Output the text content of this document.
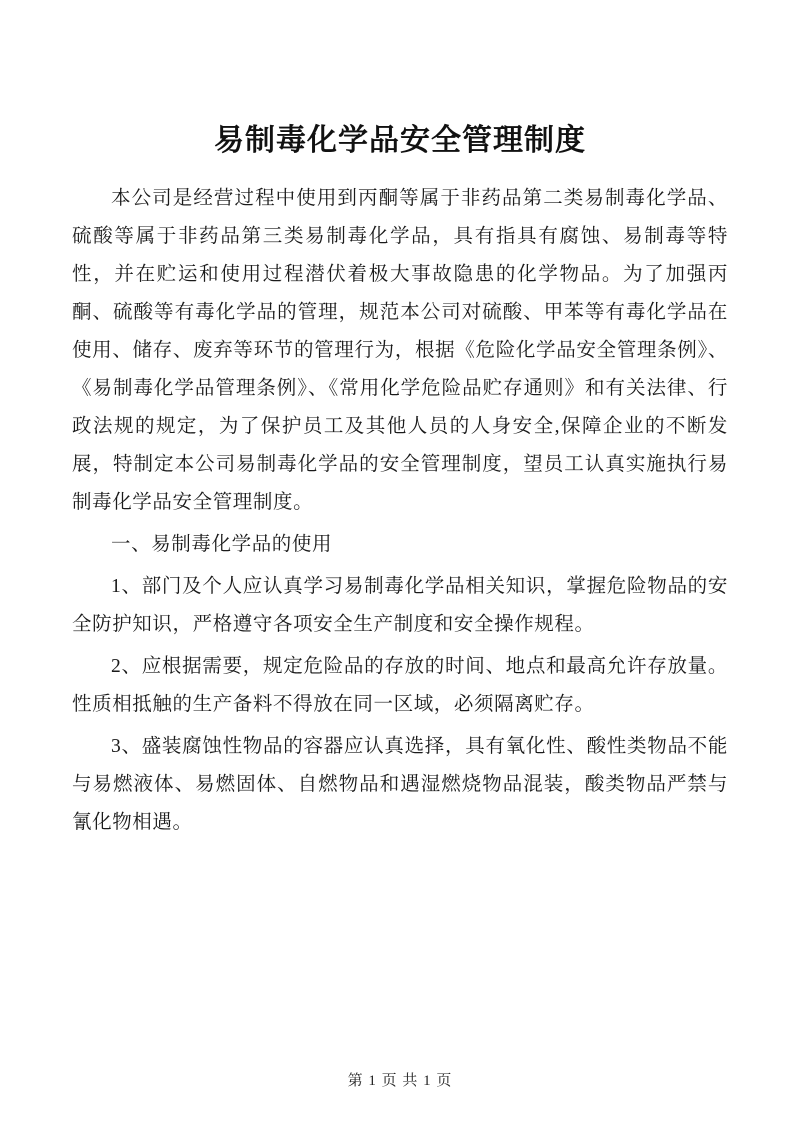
易制毒化学品安全管理制度

本公司是经营过程中使用到丙酮等属于非药品第二类易制毒化学品、硫酸等属于非药品第三类易制毒化学品，具有指具有腐蚀、易制毒等特性，并在贮运和使用过程潜伏着极大事故隐患的化学物品。为了加强丙酮、硫酸等有毒化学品的管理，规范本公司对硫酸、甲苯等有毒化学品在使用、储存、废弃等环节的管理行为，根据《危险化学品安全管理条例》、《易制毒化学品管理条例》、《常用化学危险品贮存通则》和有关法律、行政法规的规定，为了保护员工及其他人员的人身安全,保障企业的不断发展，特制定本公司易制毒化学品的安全管理制度，望员工认真实施执行易制毒化学品安全管理制度。

一、易制毒化学品的使用

1、部门及个人应认真学习易制毒化学品相关知识，掌握危险物品的安全防护知识，严格遵守各项安全生产制度和安全操作规程。

2、应根据需要，规定危险品的存放的时间、地点和最高允许存放量。性质相抵触的生产备料不得放在同一区域，必须隔离贮存。

3、盛装腐蚀性物品的容器应认真选择，具有氧化性、酸性类物品不能与易燃液体、易燃固体、自燃物品和遇湿燃烧物品混装，酸类物品严禁与氰化物相遇。

第 1 页 共 1 页
